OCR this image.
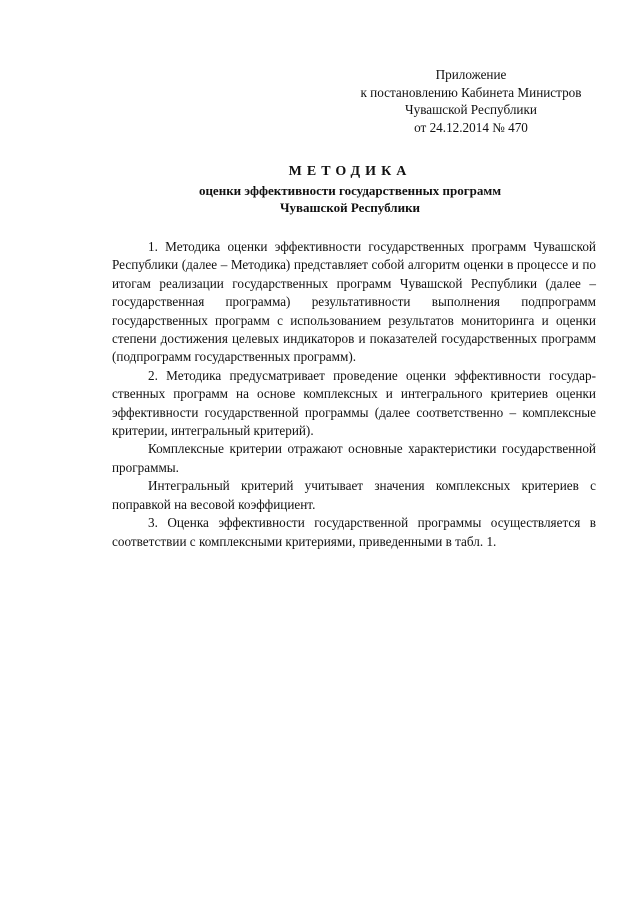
Приложение
к постановлению Кабинета Министров
Чувашской Республики
от 24.12.2014 № 470
МЕТОДИКА
оценки эффективности государственных программ
Чувашской Республики

1. Методика оценки эффективности государственных программ Чувашской Республики (далее – Методика) представляет собой алгоритм оценки в процессе и по итогам реализации государственных программ Чувашской Республики (далее – государственная программа) результативности выполнения подпрограмм государственных программ с использованием результатов мониторинга и оценки степени достижения целевых индикаторов и показателей государственных программ (подпрограмм государственных программ).

2. Методика предусматривает проведение оценки эффективности государственных программ на основе комплексных и интегрального критериев оценки эффективности государственной программы (далее соответственно – комплексные критерии, интегральный критерий).

Комплексные критерии отражают основные характеристики государственной программы.

Интегральный критерий учитывает значения комплексных критериев с поправкой на весовой коэффициент.

3. Оценка эффективности государственной программы осуществляется в соответствии с комплексными критериями, приведенными в табл. 1.
